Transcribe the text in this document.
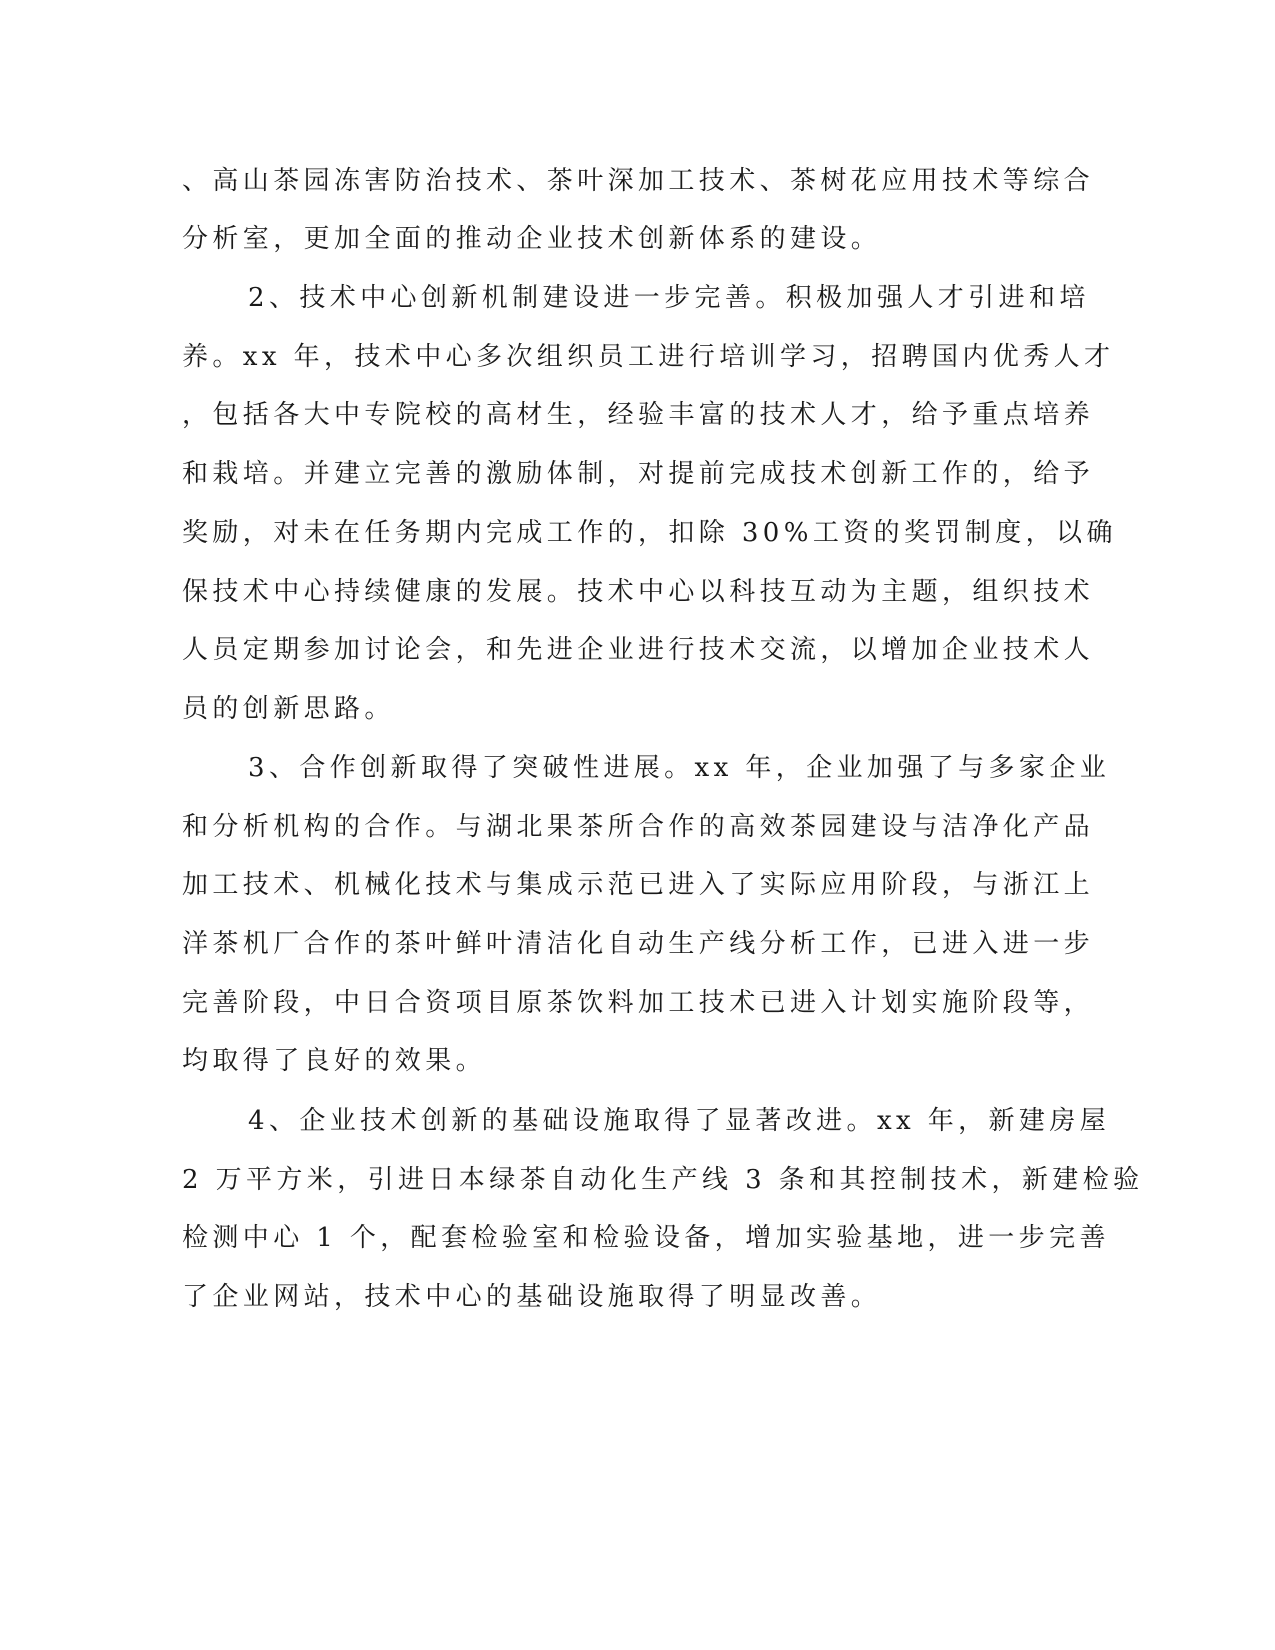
、高山茶园冻害防治技术、茶叶深加工技术、茶树花应用技术等综合
分析室，更加全面的推动企业技术创新体系的建设。
2、技术中心创新机制建设进一步完善。积极加强人才引进和培
养。xx 年，技术中心多次组织员工进行培训学习，招聘国内优秀人才
，包括各大中专院校的高材生，经验丰富的技术人才，给予重点培养
和栽培。并建立完善的激励体制，对提前完成技术创新工作的，给予
奖励，对未在任务期内完成工作的，扣除 30%工资的奖罚制度，以确
保技术中心持续健康的发展。技术中心以科技互动为主题，组织技术
人员定期参加讨论会，和先进企业进行技术交流，以增加企业技术人
员的创新思路。
3、合作创新取得了突破性进展。xx 年，企业加强了与多家企业
和分析机构的合作。与湖北果茶所合作的高效茶园建设与洁净化产品
加工技术、机械化技术与集成示范已进入了实际应用阶段，与浙江上
洋茶机厂合作的茶叶鲜叶清洁化自动生产线分析工作，已进入进一步
完善阶段，中日合资项目原茶饮料加工技术已进入计划实施阶段等，
均取得了良好的效果。
4、企业技术创新的基础设施取得了显著改进。xx 年，新建房屋
2 万平方米，引进日本绿茶自动化生产线 3 条和其控制技术，新建检验
检测中心 1 个，配套检验室和检验设备，增加实验基地，进一步完善
了企业网站，技术中心的基础设施取得了明显改善。
